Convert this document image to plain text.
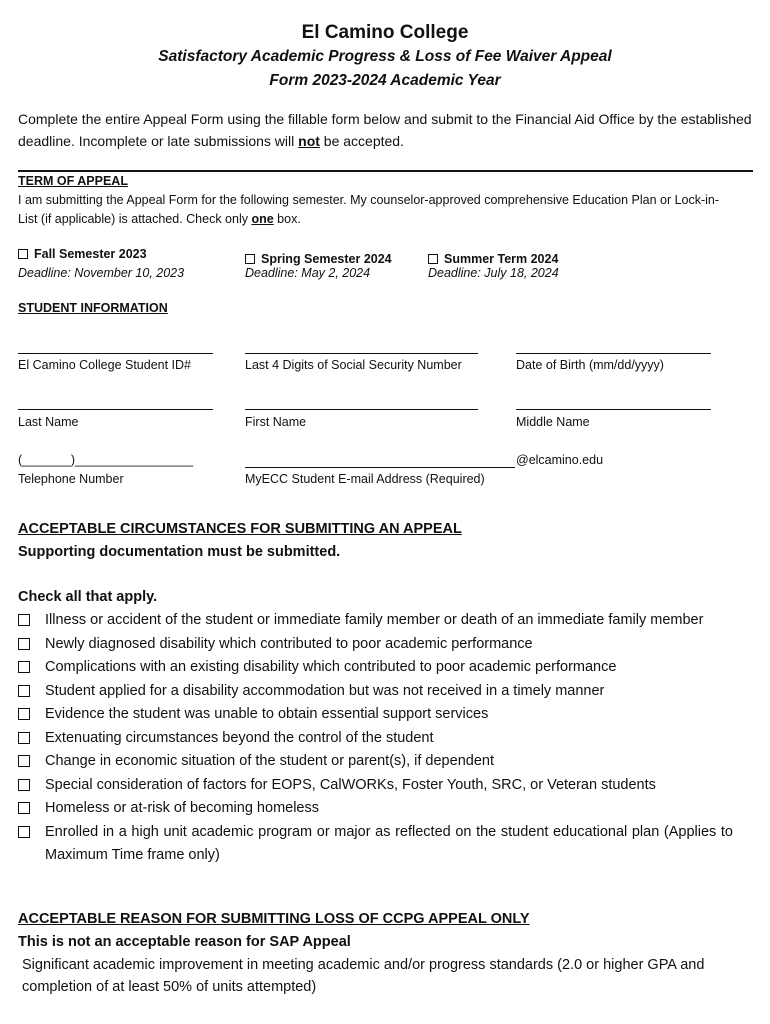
El Camino College
Satisfactory Academic Progress & Loss of Fee Waiver Appeal
Form 2023-2024 Academic Year
Complete the entire Appeal Form using the fillable form below and submit to the Financial Aid Office by the established deadline. Incomplete or late submissions will not be accepted.
TERM OF APPEAL
I am submitting the Appeal Form for the following semester. My counselor-approved comprehensive Education Plan or Lock-in-List (if applicable) is attached. Check only one box.
Fall Semester 2023
Deadline: November 10, 2023
Spring Semester 2024
Deadline: May 2, 2024
Summer Term 2024
Deadline: July 18, 2024
STUDENT INFORMATION
El Camino College Student ID#	Last 4 Digits of Social Security Number	Date of Birth (mm/dd/yyyy)
Last Name	First Name	Middle Name
(_______)_________________	@elcamino.edu
Telephone Number	MyECC Student E-mail Address (Required)
ACCEPTABLE CIRCUMSTANCES FOR SUBMITTING AN APPEAL
Supporting documentation must be submitted.
Check all that apply.
Illness or accident of the student or immediate family member or death of an immediate family member
Newly diagnosed disability which contributed to poor academic performance
Complications with an existing disability which contributed to poor academic performance
Student applied for a disability accommodation but was not received in a timely manner
Evidence the student was unable to obtain essential support services
Extenuating circumstances beyond the control of the student
Change in economic situation of the student or parent(s), if dependent
Special consideration of factors for EOPS, CalWORKs, Foster Youth, SRC, or Veteran students
Homeless or at-risk of becoming homeless
Enrolled in a high unit academic program or major as reflected on the student educational plan (Applies to Maximum Time frame only)
ACCEPTABLE REASON FOR SUBMITTING LOSS OF CCPG APPEAL ONLY
This is not an acceptable reason for SAP Appeal
Significant academic improvement in meeting academic and/or progress standards (2.0 or higher GPA and completion of at least 50% of units attempted)
